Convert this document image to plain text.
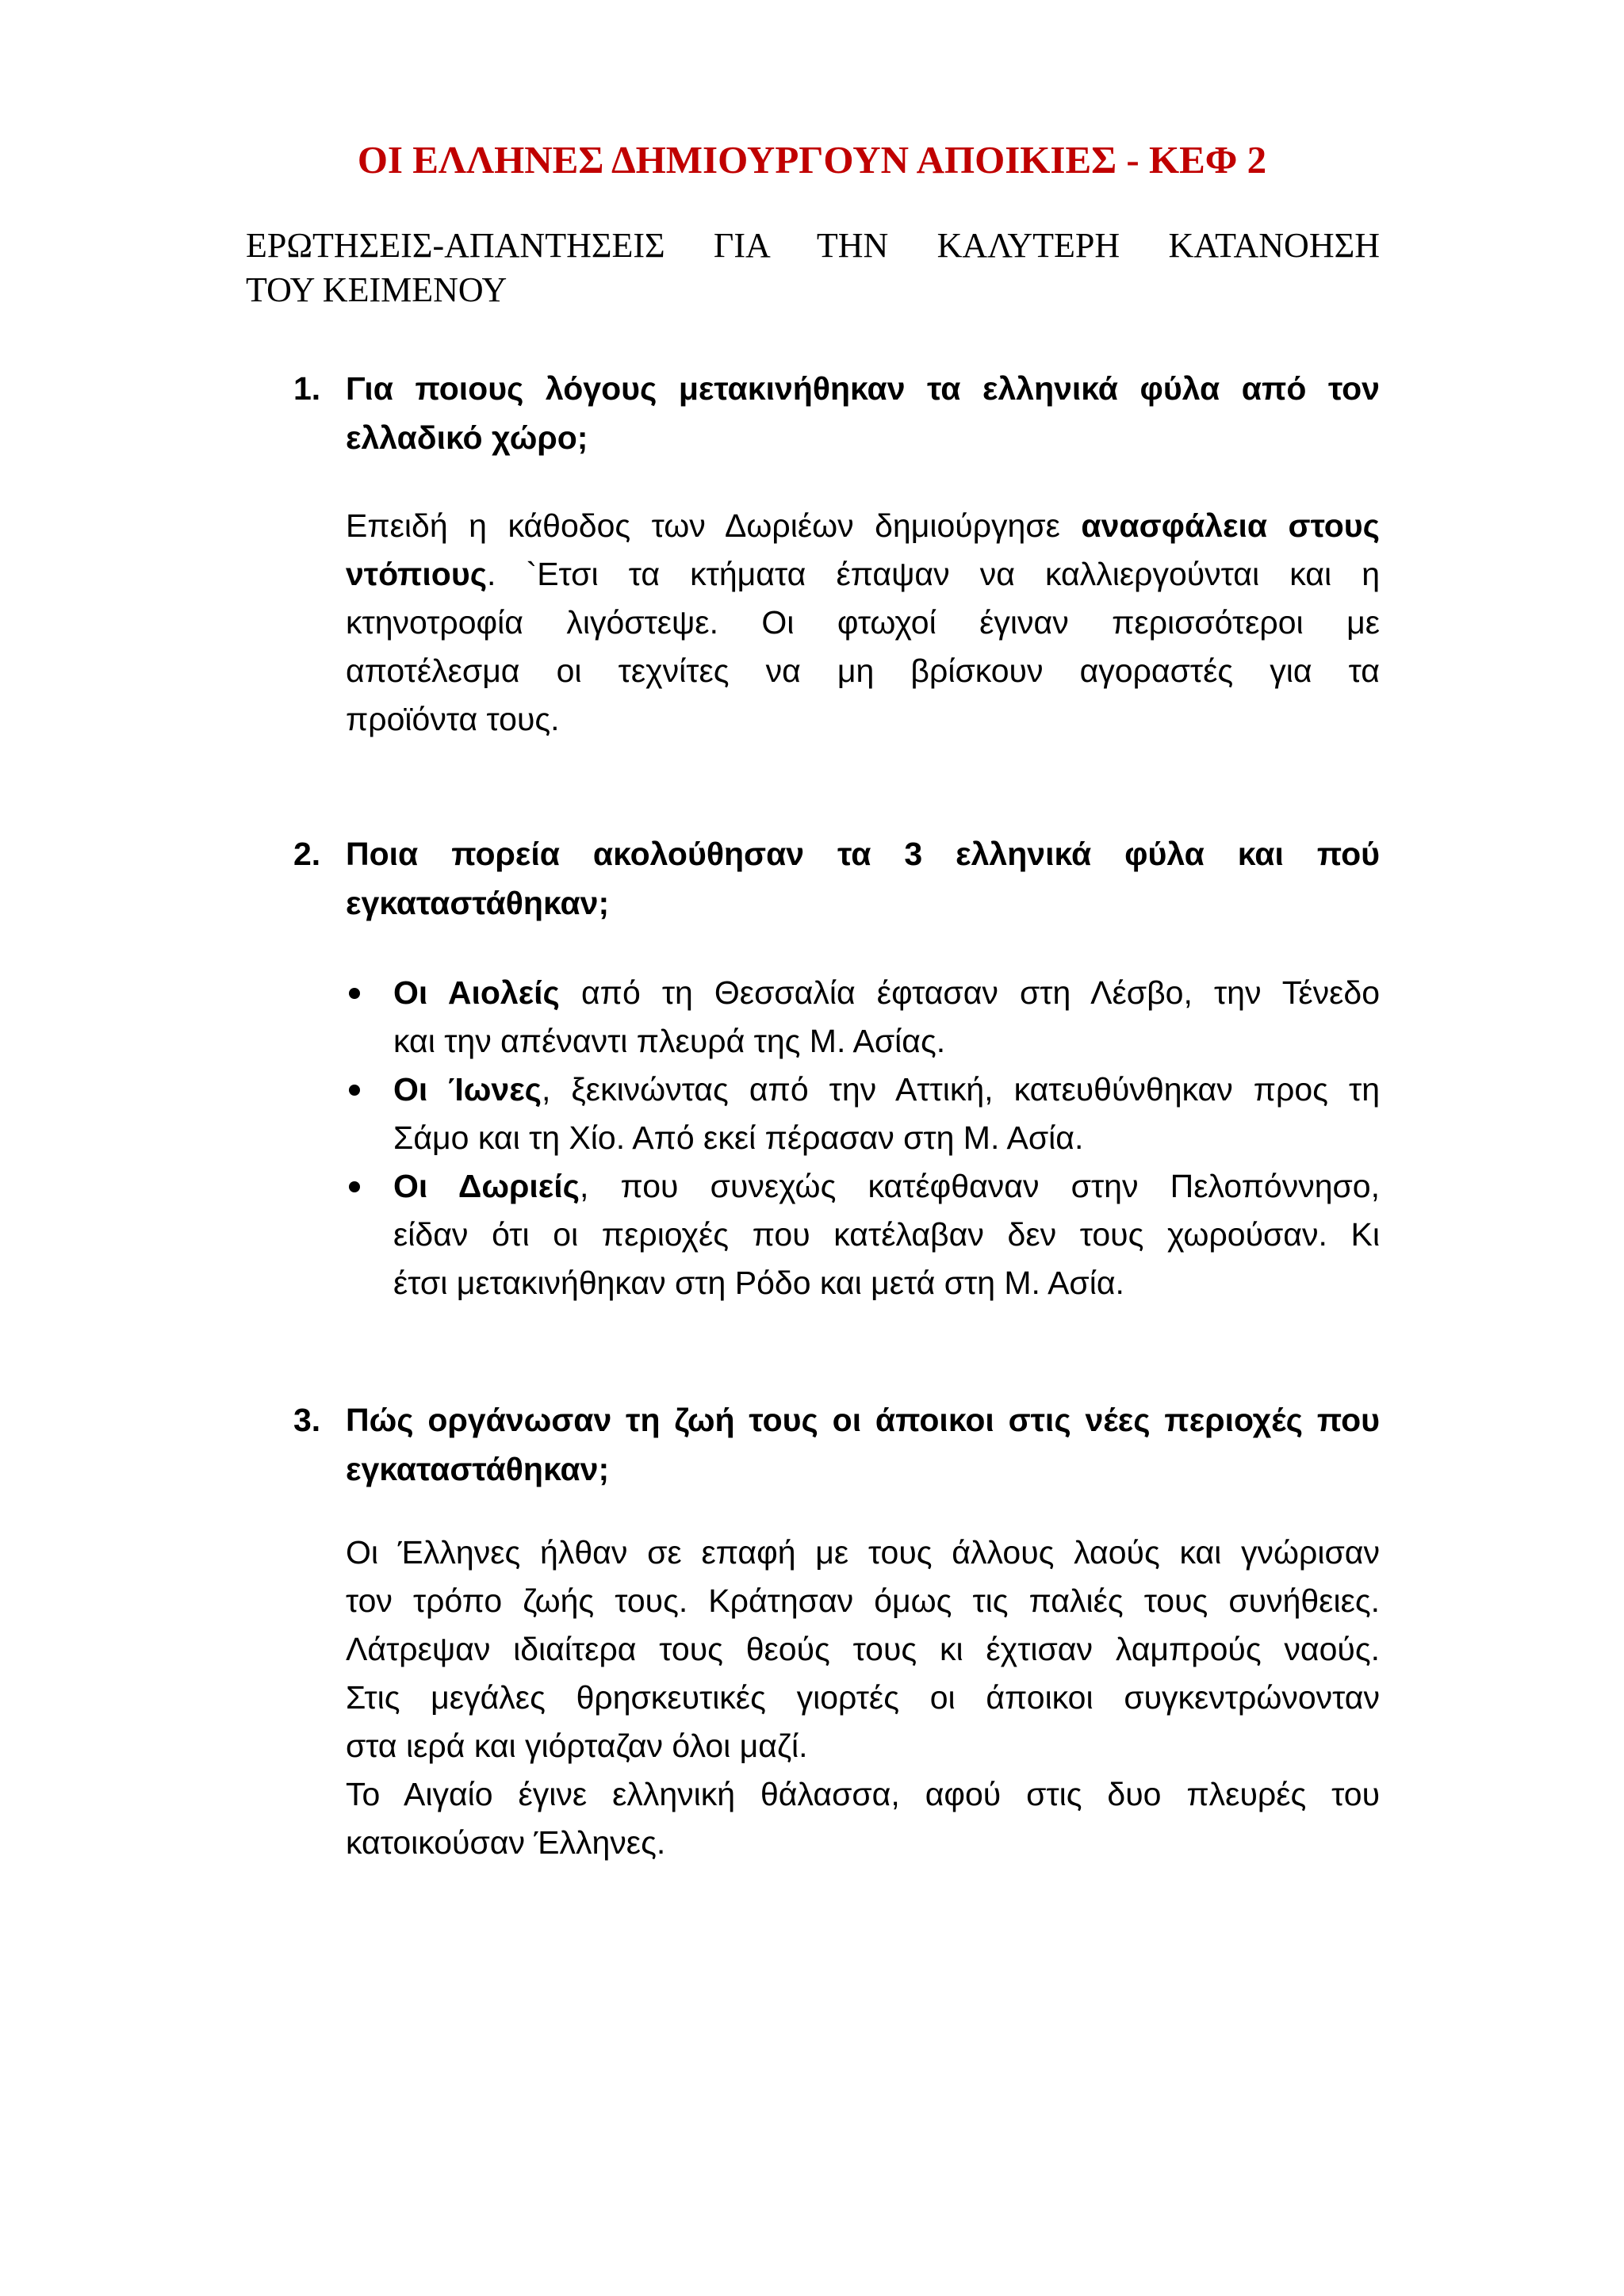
ΟΙ ΕΛΛΗΝΕΣ ΔΗΜΙΟΥΡΓΟΥΝ ΑΠΟΙΚΙΕΣ - ΚΕΦ 2

ΕΡΩΤΗΣΕΙΣ-ΑΠΑΝΤΗΣΕΙΣ ΓΙΑ ΤΗΝ ΚΑΛΥΤΕΡΗ ΚΑΤΑΝΟΗΣΗ
ΤΟΥ ΚΕΙΜΕΝΟΥ

1. Για ποιους λόγους μετακινήθηκαν τα ελληνικά φύλα από τον
ελλαδικό χώρο;
Επειδή η κάθοδος των Δωριέων δημιούργησε ανασφάλεια στους
ντόπιους. `Ετσι τα κτήματα έπαψαν να καλλιεργούνται και η
κτηνοτροφία λιγόστεψε. Οι φτωχοί έγιναν περισσότεροι με
αποτέλεσμα οι τεχνίτες να μη βρίσκουν αγοραστές για τα
προϊόντα τους.
2. Ποια πορεία ακολούθησαν τα 3 ελληνικά φύλα και πού
εγκαταστάθηκαν;
Οι Αιολείς από τη Θεσσαλία έφτασαν στη Λέσβο, την Τένεδο
και την απέναντι πλευρά της Μ. Ασίας.
Οι Ίωνες, ξεκινώντας από την Αττική, κατευθύνθηκαν προς τη
Σάμο και τη Χίο. Από εκεί πέρασαν στη Μ. Ασία.
Οι Δωριείς, που συνεχώς κατέφθαναν στην Πελοπόννησο,
είδαν ότι οι περιοχές που κατέλαβαν δεν τους χωρούσαν. Κι
έτσι μετακινήθηκαν στη Ρόδο και μετά στη Μ. Ασία.
3. Πώς οργάνωσαν τη ζωή τους οι άποικοι στις νέες περιοχές που
εγκαταστάθηκαν;
Οι Έλληνες ήλθαν σε επαφή με τους άλλους λαούς και γνώρισαν
τον τρόπο ζωής τους. Κράτησαν όμως τις παλιές τους συνήθειες.
Λάτρεψαν ιδιαίτερα τους θεούς τους κι έχτισαν λαμπρούς ναούς.
Στις μεγάλες θρησκευτικές γιορτές οι άποικοι συγκεντρώνονταν
στα ιερά και γιόρταζαν όλοι μαζί.
Το Αιγαίο έγινε ελληνική θάλασσα, αφού στις δυο πλευρές του
κατοικούσαν Έλληνες.
